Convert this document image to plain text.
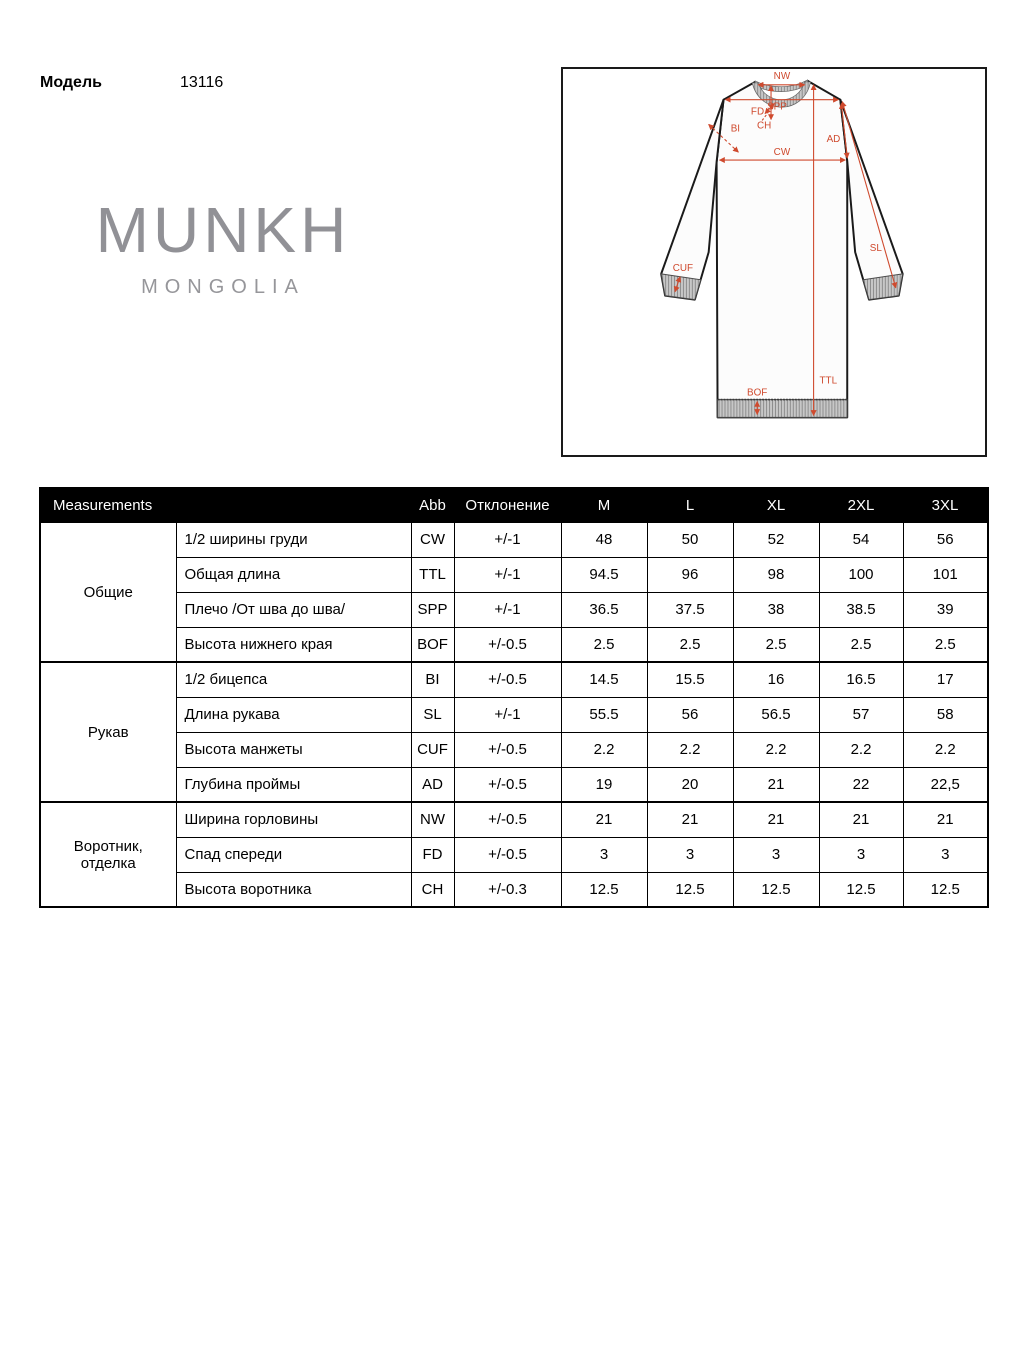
Модель	13116
MUNKH
MONGOLIA
NW
SPP
FD
CH
BI
CW
AD
SL
TTL
BOF
CUF
Measurements		Abb	Отклонение	M	L	XL	2XL	3XL
Общие	1/2 ширины груди	CW	+/-1	48	50	52	54	56
	Общая длина	TTL	+/-1	94.5	96	98	100	101
	Плечо /От шва до шва/	SPP	+/-1	36.5	37.5	38	38.5	39
	Высота нижнего края	BOF	+/-0.5	2.5	2.5	2.5	2.5	2.5
Рукав	1/2 бицепса	BI	+/-0.5	14.5	15.5	16	16.5	17
	Длина рукава	SL	+/-1	55.5	56	56.5	57	58
	Высота манжеты	CUF	+/-0.5	2.2	2.2	2.2	2.2	2.2
	Глубина проймы	AD	+/-0.5	19	20	21	22	22,5
Воротник, отделка	Ширина горловины	NW	+/-0.5	21	21	21	21	21
	Спад спереди	FD	+/-0.5	3	3	3	3	3
	Высота воротника	CH	+/-0.3	12.5	12.5	12.5	12.5	12.5
